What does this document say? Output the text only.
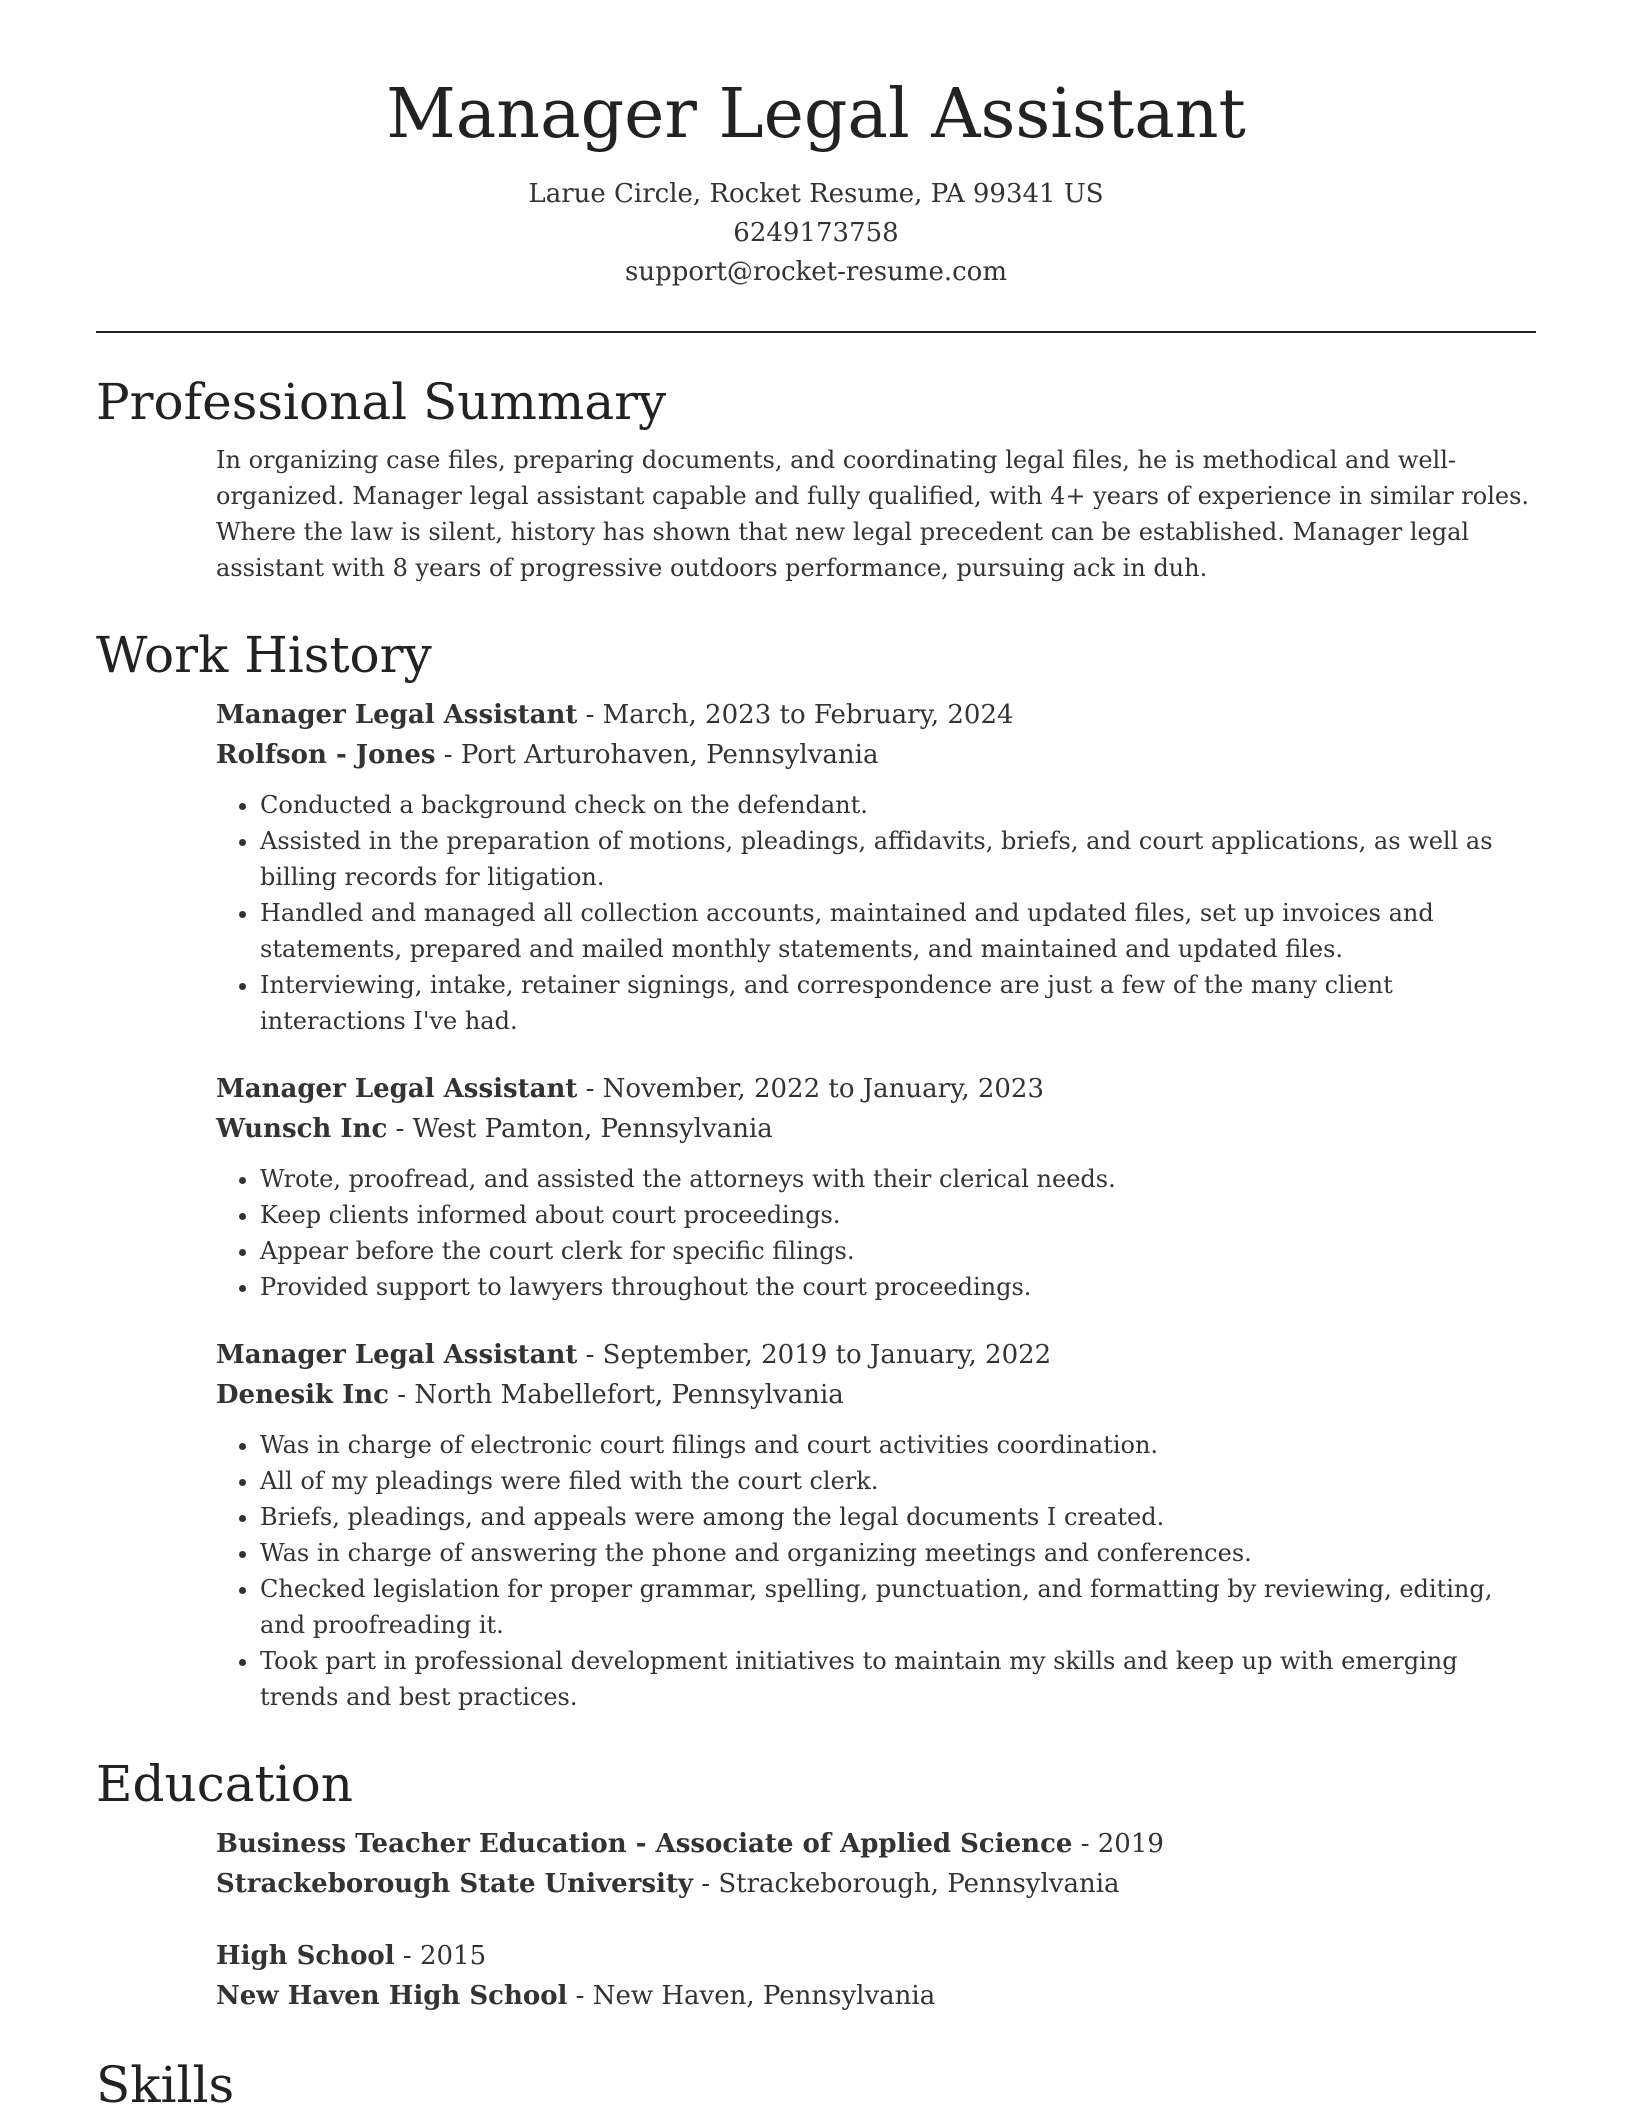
Manager Legal Assistant
Larue Circle, Rocket Resume, PA 99341 US
6249173758
support@rocket-resume.com
Professional Summary

In organizing case files, preparing documents, and coordinating legal files, he is methodical and well-organized. Manager legal assistant capable and fully qualified, with 4+ years of experience in similar roles. Where the law is silent, history has shown that new legal precedent can be established. Manager legal assistant with 8 years of progressive outdoors performance, pursuing ack in duh.

Work History
Manager Legal Assistant - March, 2023 to February, 2024
Rolfson - Jones - Port Arturohaven, Pennsylvania
• Conducted a background check on the defendant.
• Assisted in the preparation of motions, pleadings, affidavits, briefs, and court applications, as well as billing records for litigation.
• Handled and managed all collection accounts, maintained and updated files, set up invoices and statements, prepared and mailed monthly statements, and maintained and updated files.
• Interviewing, intake, retainer signings, and correspondence are just a few of the many client interactions I've had.
Manager Legal Assistant - November, 2022 to January, 2023
Wunsch Inc - West Pamton, Pennsylvania
• Wrote, proofread, and assisted the attorneys with their clerical needs.
• Keep clients informed about court proceedings.
• Appear before the court clerk for specific filings.
• Provided support to lawyers throughout the court proceedings.
Manager Legal Assistant - September, 2019 to January, 2022
Denesik Inc - North Mabellefort, Pennsylvania
• Was in charge of electronic court filings and court activities coordination.
• All of my pleadings were filed with the court clerk.
• Briefs, pleadings, and appeals were among the legal documents I created.
• Was in charge of answering the phone and organizing meetings and conferences.
• Checked legislation for proper grammar, spelling, punctuation, and formatting by reviewing, editing, and proofreading it.
• Took part in professional development initiatives to maintain my skills and keep up with emerging trends and best practices.
Education
Business Teacher Education - Associate of Applied Science - 2019
Strackeborough State University - Strackeborough, Pennsylvania
High School - 2015
New Haven High School - New Haven, Pennsylvania
Skills
